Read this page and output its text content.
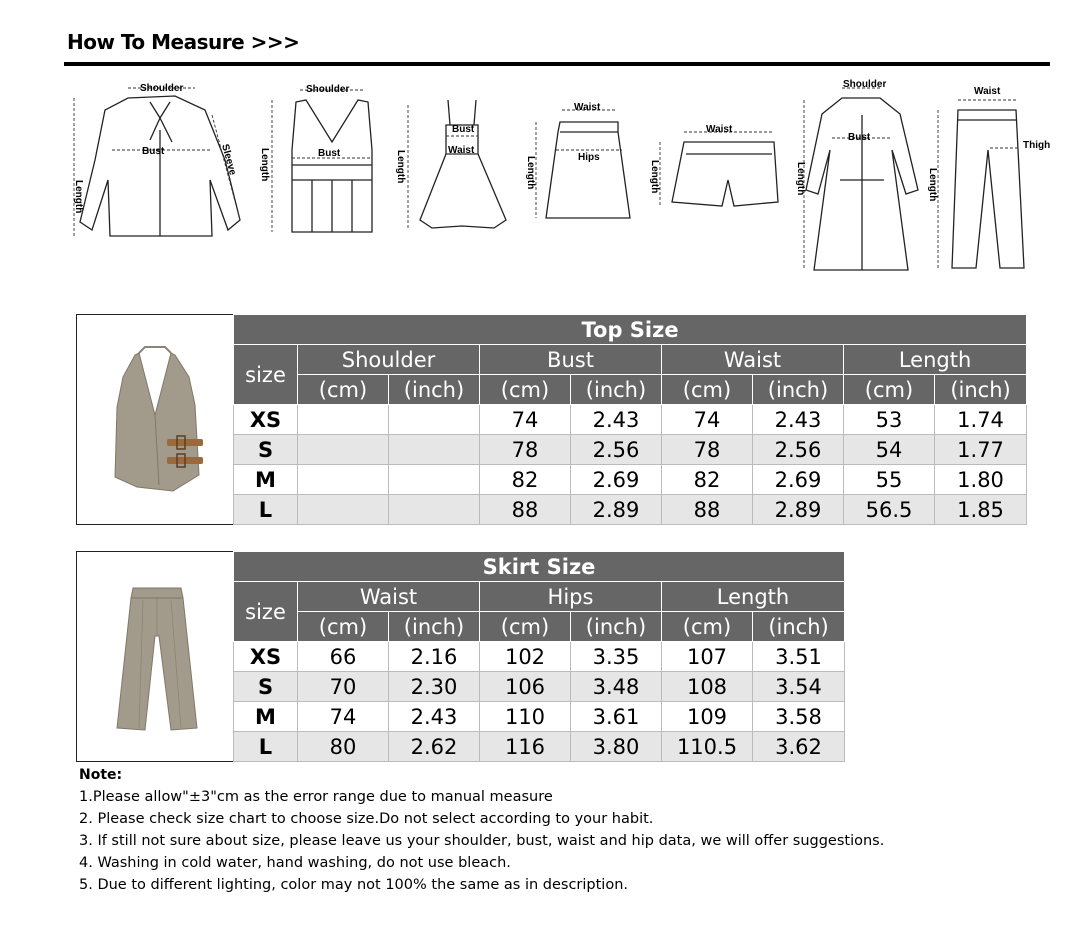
How To Measure >>>
Shoulder
Bust
Length
Sleeve
Shoulder
Bust
Length
Bust
Waist
Length
Waist
Hips
Length
Waist
Length
Shoulder
Bust
Length
Waist
Thigh
Length
Top Size								
size	Shoulder		Bust		Waist		Length	
	(cm)	(inch)	(cm)	(inch)	(cm)	(inch)	(cm)	(inch)
XS			74	2.43	74	2.43	53	1.74
S			78	2.56	78	2.56	54	1.77
M			82	2.69	82	2.69	55	1.80
L			88	2.89	88	2.89	56.5	1.85
Skirt Size						
size	Waist		Hips		Length	
	(cm)	(inch)	(cm)	(inch)	(cm)	(inch)
XS	66	2.16	102	3.35	107	3.51
S	70	2.30	106	3.48	108	3.54
M	74	2.43	110	3.61	109	3.58
L	80	2.62	116	3.80	110.5	3.62
Note:
1.Please allow"±3"cm as the error range due to manual measure
2. Please check size chart to choose size.Do not select according to your habit.
3. If still not sure about size, please leave us your shoulder, bust, waist and hip data, we will offer suggestions.
4. Washing in cold water, hand washing, do not use bleach.
5. Due to different lighting, color may not 100% the same as in description.
